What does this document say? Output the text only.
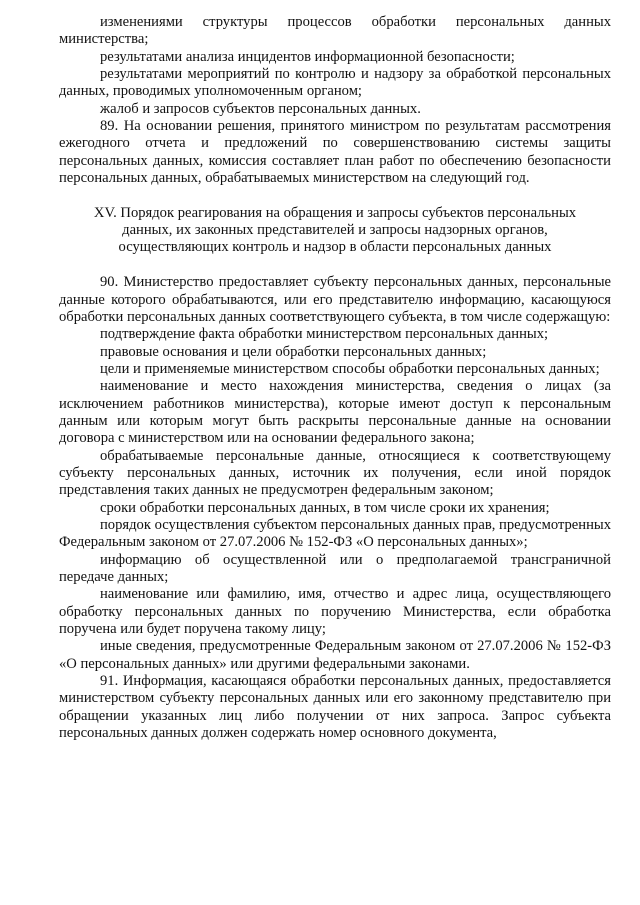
изменениями структуры процессов обработки персональных данных министерства;

результатами анализа инцидентов информационной безопасности;

результатами мероприятий по контролю и надзору за обработкой персональных данных, проводимых уполномоченным органом;

жалоб и запросов субъектов персональных данных.

89. На основании решения, принятого министром по результатам рассмотрения ежегодного отчета и предложений по совершенствованию системы защиты персональных данных, комиссия составляет план работ по обеспечению безопасности персональных данных, обрабатываемых министерством на следующий год.

XV. Порядок реагирования на обращения и запросы субъектов персональных
данных, их законных представителей и запросы надзорных органов,
осуществляющих контроль и надзор в области персональных данных

90. Министерство предоставляет субъекту персональных данных, персональные данные которого обрабатываются, или его представителю информацию, касающуюся обработки персональных данных соответствующего субъекта, в том числе содержащую:

подтверждение факта обработки министерством персональных данных;

правовые основания и цели обработки персональных данных;

цели и применяемые министерством способы обработки персональных данных;

наименование и место нахождения министерства, сведения о лицах (за исключением работников министерства), которые имеют доступ к персональным данным или которым могут быть раскрыты персональные данные на основании договора с министерством или на основании федерального закона;

обрабатываемые персональные данные, относящиеся к соответствующему субъекту персональных данных, источник их получения, если иной порядок представления таких данных не предусмотрен федеральным законом;

сроки обработки персональных данных, в том числе сроки их хранения;

порядок осуществления субъектом персональных данных прав, предусмотренных Федеральным законом от 27.07.2006 № 152-ФЗ «О персональных данных»;

информацию об осуществленной или о предполагаемой трансграничной передаче данных;

наименование или фамилию, имя, отчество и адрес лица, осуществляющего обработку персональных данных по поручению Министерства, если обработка поручена или будет поручена такому лицу;

иные сведения, предусмотренные Федеральным законом от 27.07.2006 № 152-ФЗ «О персональных данных» или другими федеральными законами.

91. Информация, касающаяся обработки персональных данных, предоставляется министерством субъекту персональных данных или его законному представителю при обращении указанных лиц либо получении от них запроса. Запрос субъекта персональных данных должен содержать номер основного документа,
